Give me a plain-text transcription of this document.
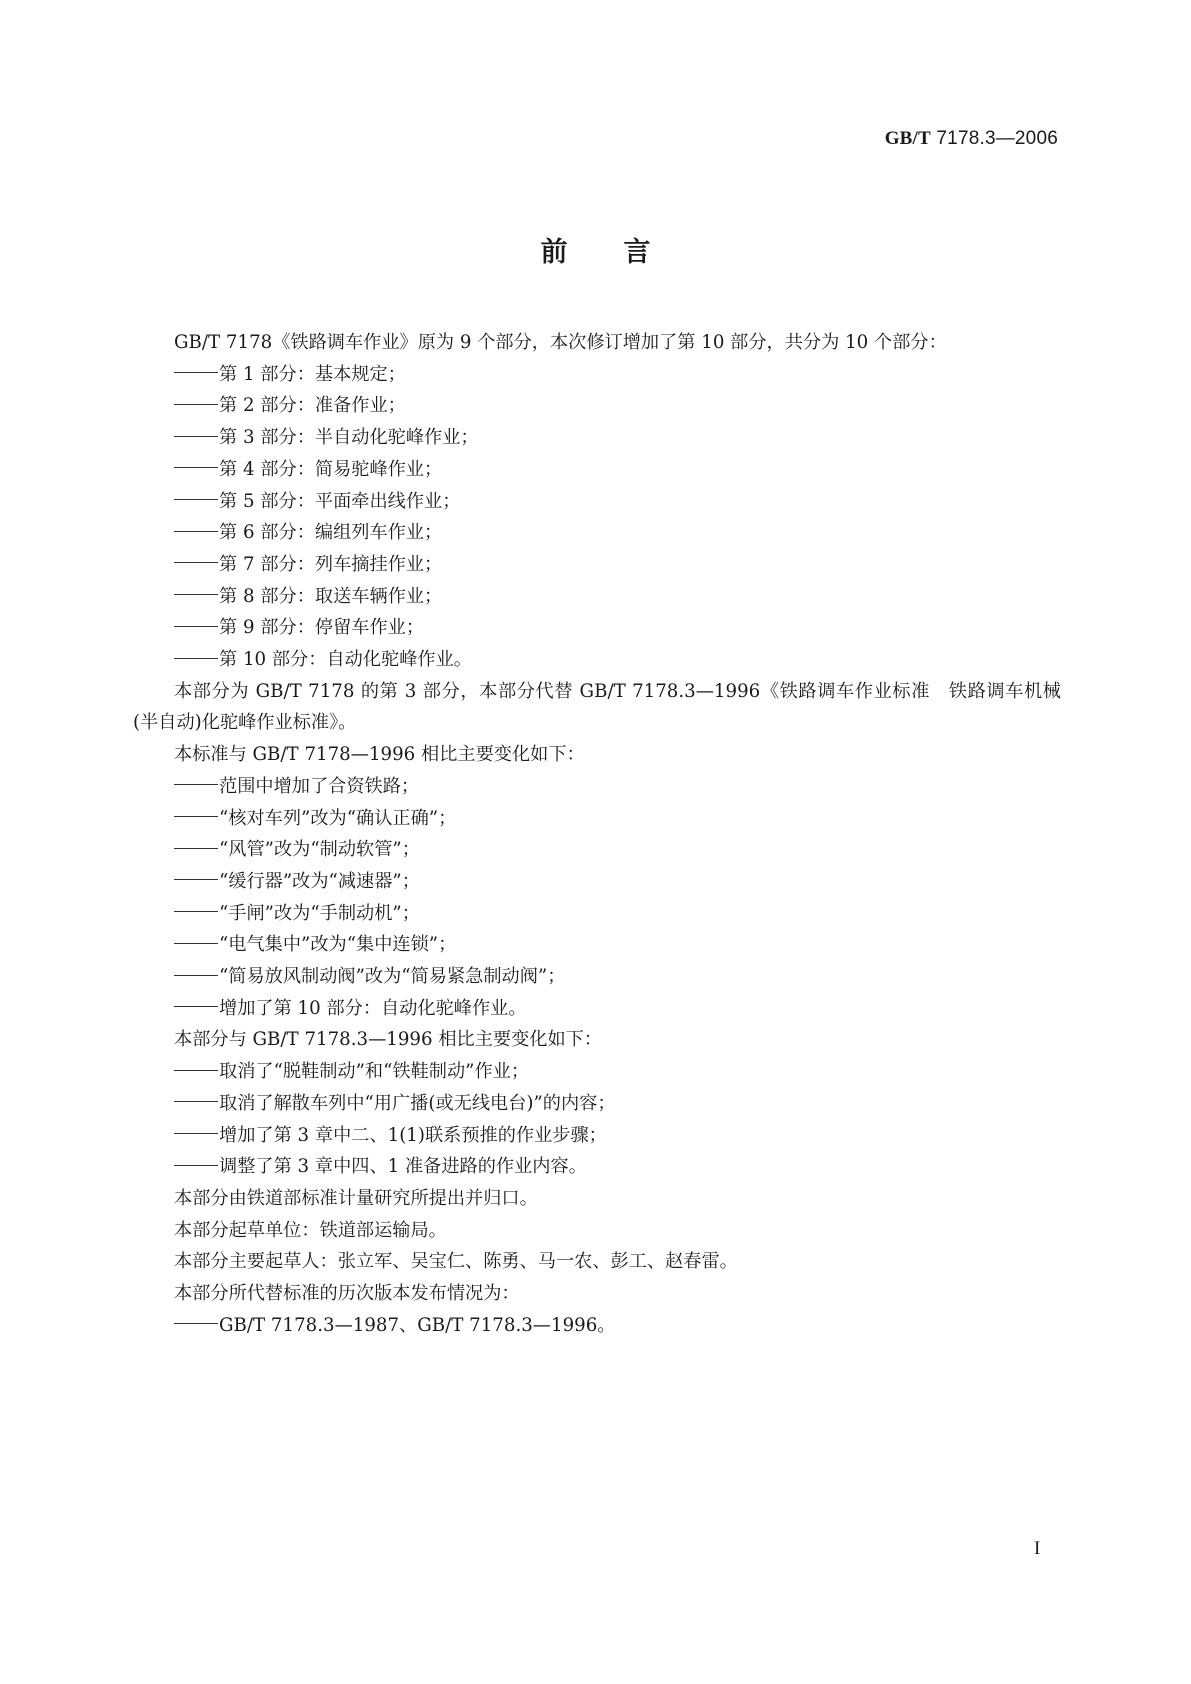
GB/T 7178.3—2006
前言

GB/T 7178《铁路调车作业》原为 9 个部分，本次修订增加了第 10 部分，共分为 10 个部分：

第 1 部分：基本规定；

第 2 部分：准备作业；

第 3 部分：半自动化驼峰作业；

第 4 部分：简易驼峰作业；

第 5 部分：平面牵出线作业；

第 6 部分：编组列车作业；

第 7 部分：列车摘挂作业；

第 8 部分：取送车辆作业；

第 9 部分：停留车作业；

第 10 部分：自动化驼峰作业。

本部分为 GB/T 7178 的第 3 部分，本部分代替 GB/T 7178.3—1996《铁路调车作业标准　铁路调车机械(半自动)化驼峰作业标准》。

本标准与 GB/T 7178—1996 相比主要变化如下：

范围中增加了合资铁路；

“核对车列”改为“确认正确”；

“风管”改为“制动软管”；

“缓行器”改为“减速器”；

“手闸”改为“手制动机”；

“电气集中”改为“集中连锁”；

“简易放风制动阀”改为“简易紧急制动阀”；

增加了第 10 部分：自动化驼峰作业。

本部分与 GB/T 7178.3—1996 相比主要变化如下：

取消了“脱鞋制动”和“铁鞋制动”作业；

取消了解散车列中“用广播(或无线电台)”的内容；

增加了第 3 章中二、1(1)联系预推的作业步骤；

调整了第 3 章中四、1 准备进路的作业内容。

本部分由铁道部标准计量研究所提出并归口。

本部分起草单位：铁道部运输局。

本部分主要起草人：张立军、吴宝仁、陈勇、马一农、彭工、赵春雷。

本部分所代替标准的历次版本发布情况为：

GB/T 7178.3—1987、GB/T 7178.3—1996。

I
